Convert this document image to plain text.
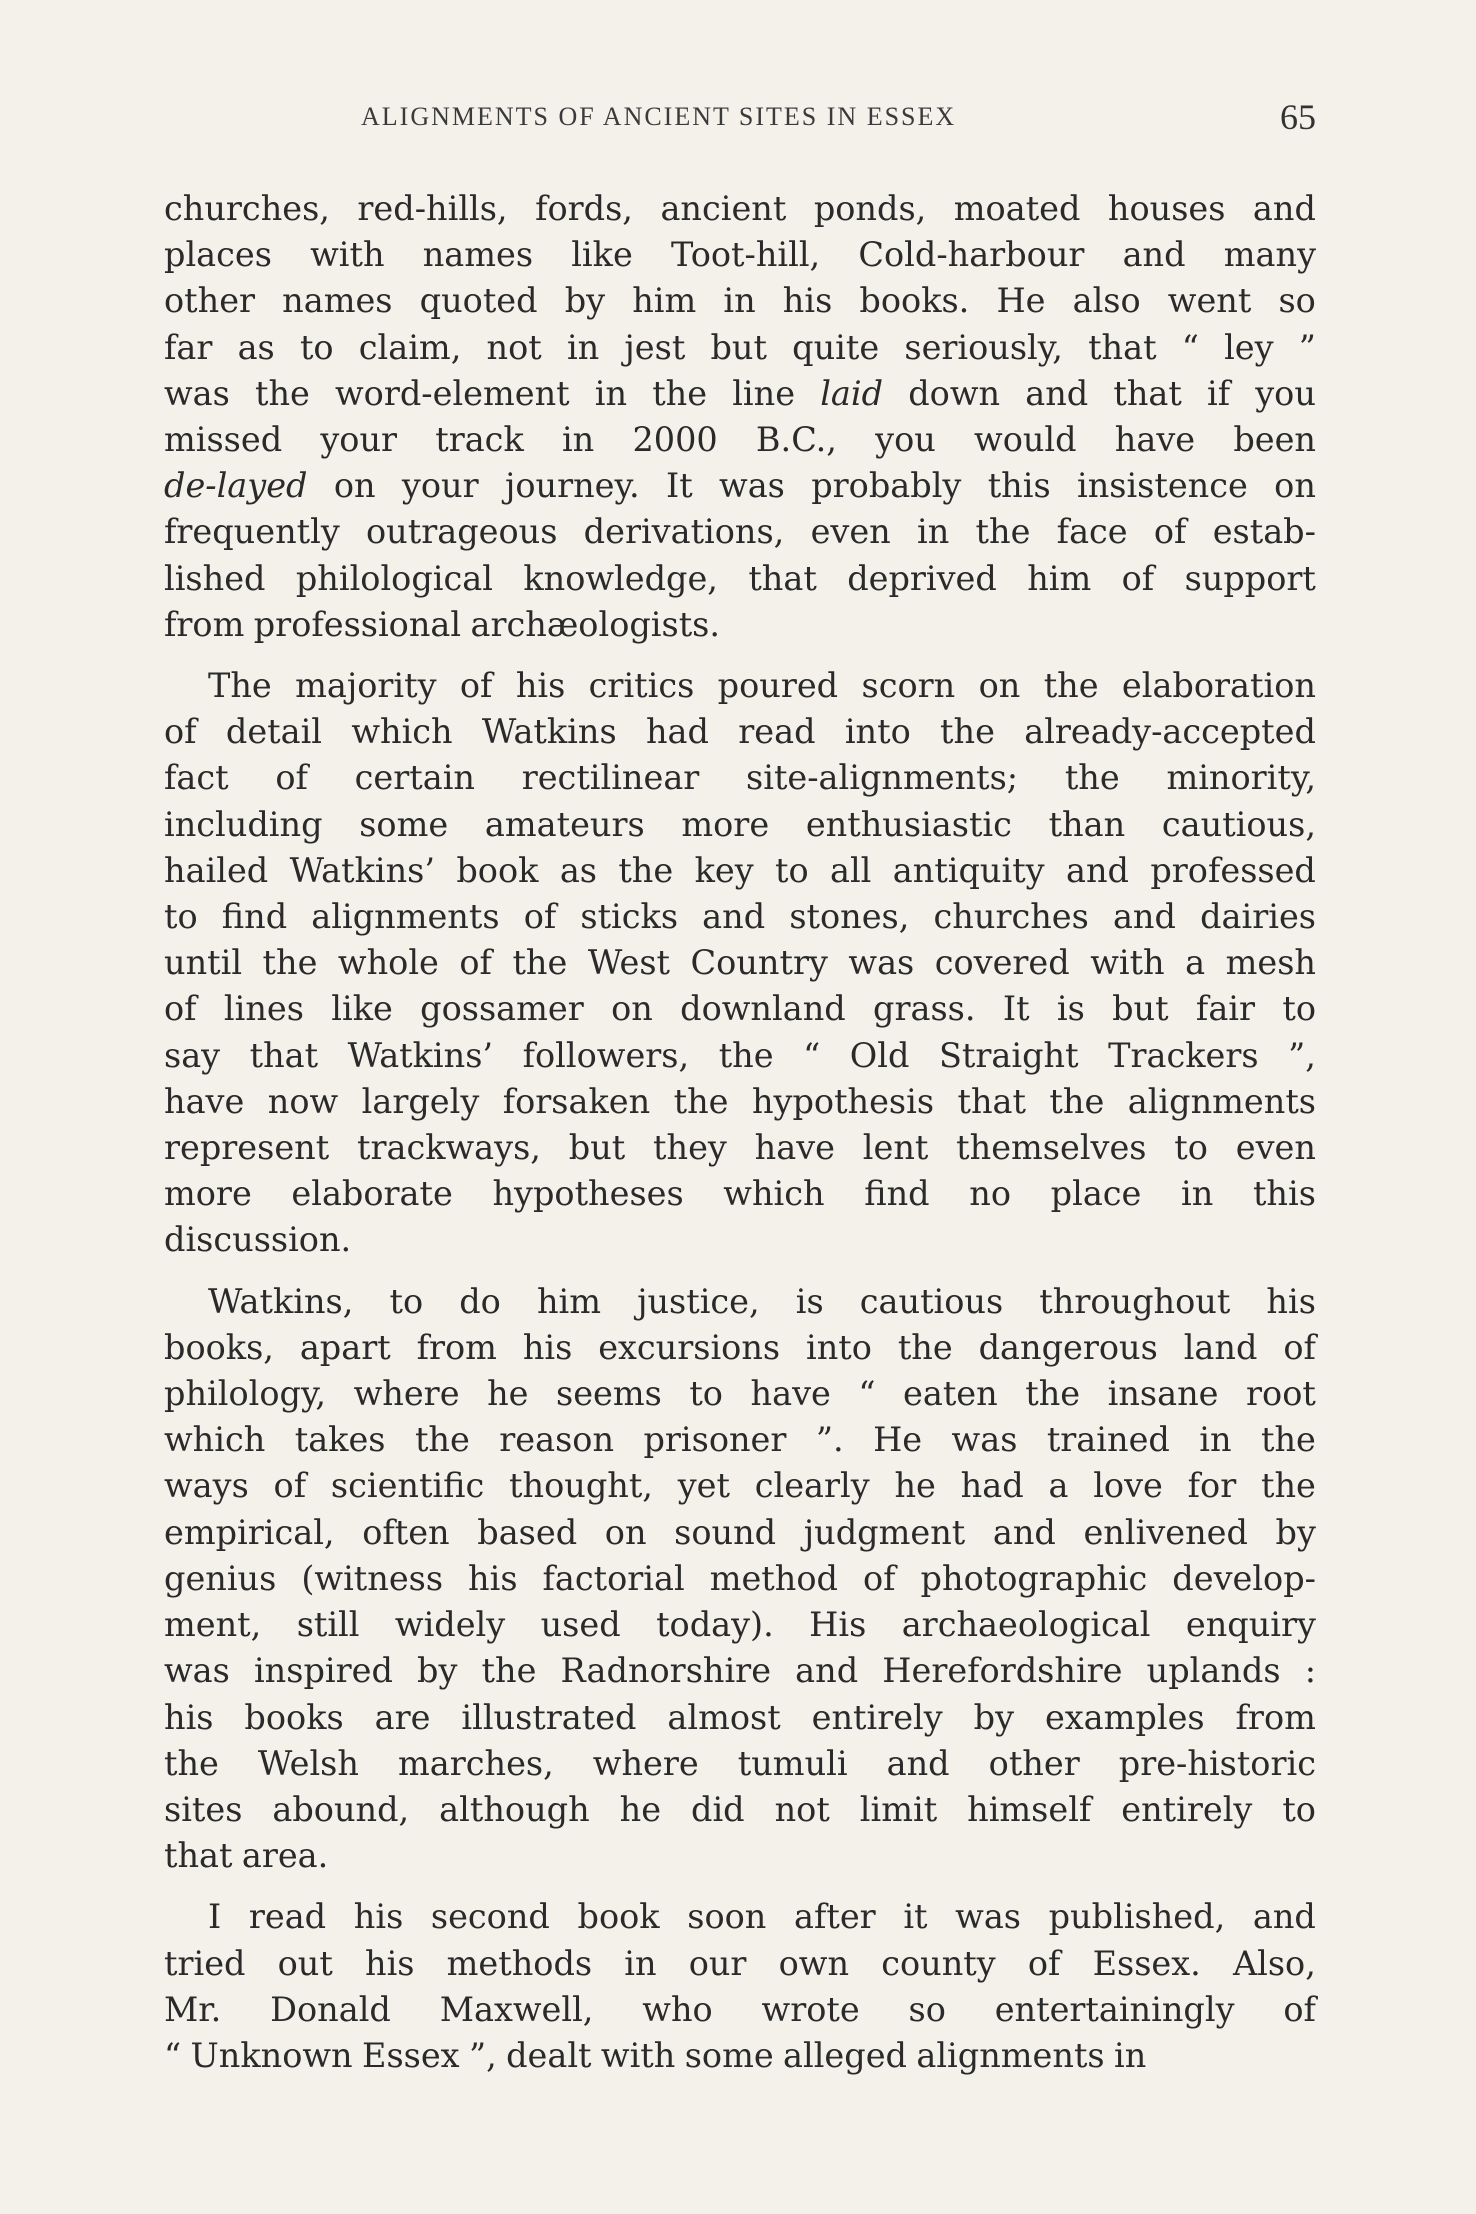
ALIGNMENTS OF ANCIENT SITES IN ESSEX	65
churches, red-hills, fords, ancient ponds, moated houses and
places with names like Toot-hill, Cold-harbour and many
other names quoted by him in his books. He also went so
far as to claim, not in jest but quite seriously, that “ ley ”
was the word-element in the line laid down and that if you
missed your track in 2000 B.C., you would have been
de-layed on your journey. It was probably this insistence on
frequently outrageous derivations, even in the face of estab-
lished philological knowledge, that deprived him of support
from professional archæologists.
The majority of his critics poured scorn on the elaboration
of detail which Watkins had read into the already-accepted
fact of certain rectilinear site-alignments; the minority,
including some amateurs more enthusiastic than cautious,
hailed Watkins’ book as the key to all antiquity and professed
to find alignments of sticks and stones, churches and dairies
until the whole of the West Country was covered with a mesh
of lines like gossamer on downland grass. It is but fair to
say that Watkins’ followers, the “ Old Straight Trackers ”,
have now largely forsaken the hypothesis that the alignments
represent trackways, but they have lent themselves to even
more elaborate hypotheses which find no place in this
discussion.
Watkins, to do him justice, is cautious throughout his
books, apart from his excursions into the dangerous land of
philology, where he seems to have “ eaten the insane root
which takes the reason prisoner ”. He was trained in the
ways of scientific thought, yet clearly he had a love for the
empirical, often based on sound judgment and enlivened by
genius (witness his factorial method of photographic develop-
ment, still widely used today). His archaeological enquiry
was inspired by the Radnorshire and Herefordshire uplands :
his books are illustrated almost entirely by examples from
the Welsh marches, where tumuli and other pre-historic
sites abound, although he did not limit himself entirely to
that area.
I read his second book soon after it was published, and
tried out his methods in our own county of Essex. Also,
Mr. Donald Maxwell, who wrote so entertainingly of
“ Unknown Essex ”, dealt with some alleged alignments in
